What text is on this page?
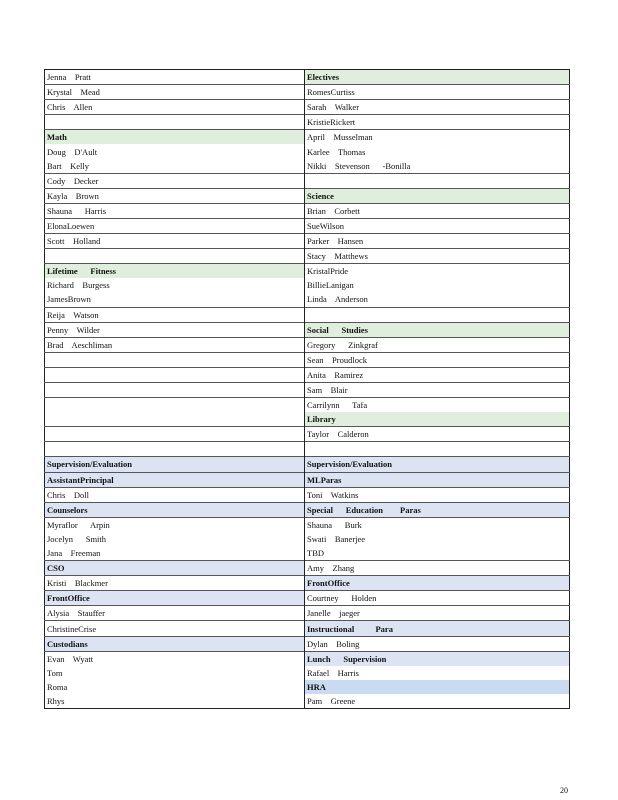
Jenna    Pratt	Electives
Krystal    Mead	RomesCurtiss
Chris    Allen	Sarah    Walker
	KristieRickert
Math	April    Musselman
Doug    D'Ault	Karlee    Thomas
Bart    Kelly	Nikki    Stevenson      -Bonilla
Cody    Decker	
Kayla    Brown	Science
Shauna      Harris	Brian    Corbett
ElonaLoewen	SueWilson
Scott    Holland	Parker    Hansen
	Stacy    Matthews
Lifetime      Fitness	KristalPride
Richard    Burgess	BillieLanigan
JamesBrown	Linda    Anderson
Reija    Watson	
Penny    Wilder	Social      Studies
Brad    Aeschliman	Gregory      Zinkgraf
	Sean    Proudlock
	Anita    Ramirez
	Sam    Blair
	Carrilynn      Tafa
	Library
	Taylor    Calderon

Supervision/Evaluation	Supervision/Evaluation
AssistantPrincipal	MLParas
Chris    Doll	Toni    Watkins
Counselors	Special      Education        Paras
Myraflor      Arpin	Shauna      Burk
Jocelyn      Smith	Swati    Banerjee
Jana    Freeman	TBD
CSO	Amy    Zhang
Kristi    Blackmer	FrontOffice
FrontOffice	Courtney      Holden
Alysia    Stauffer	Janelle    jaeger
ChristineCrise	Instructional          Para
Custodians	Dylan    Boling
Evan    Wyatt	Lunch      Supervision
Tom	Rafael    Harris
Roma	HRA
Rhys	Pam    Greene
20
